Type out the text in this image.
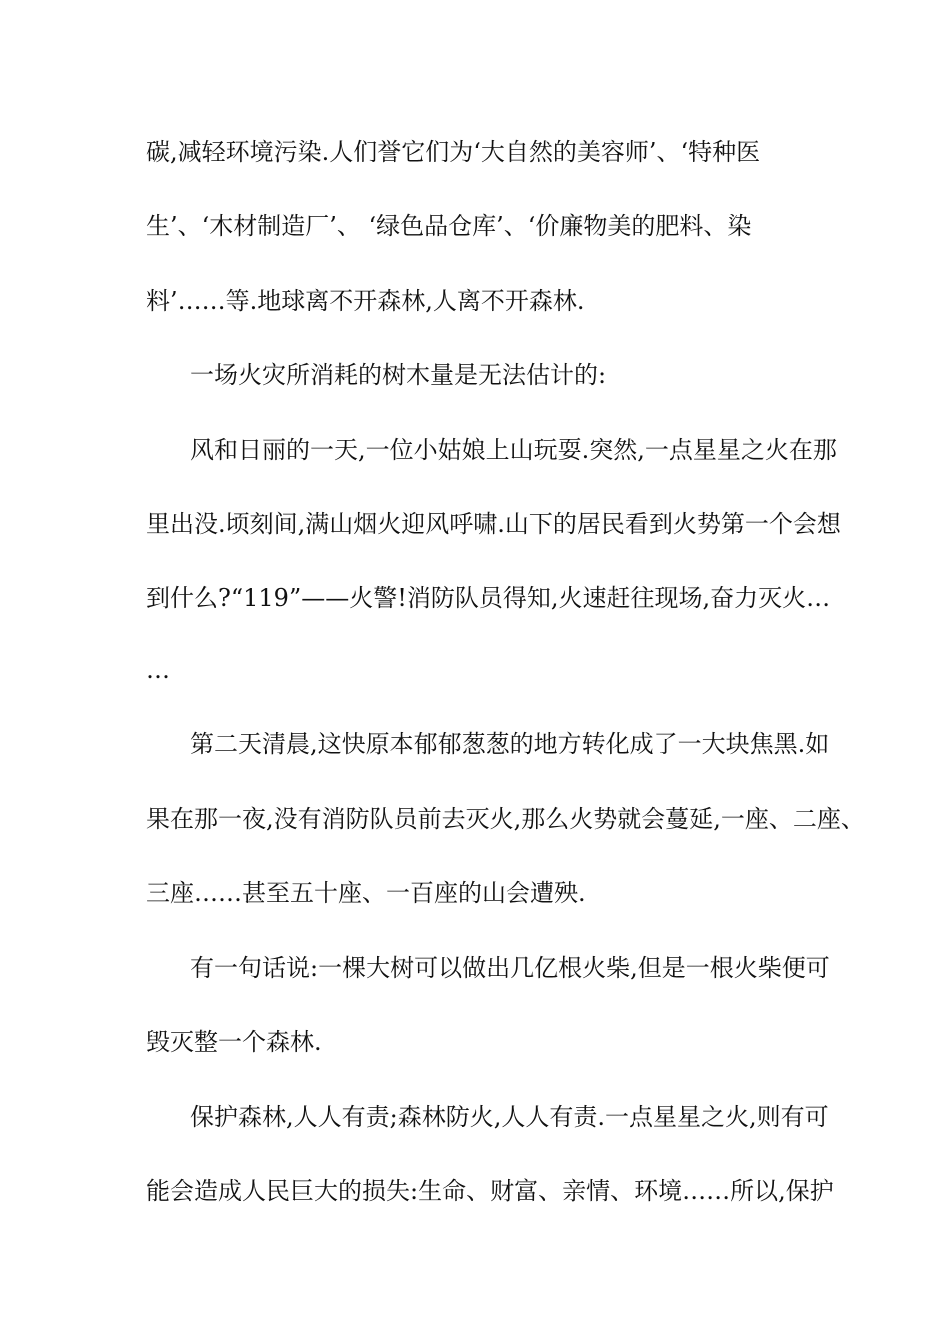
碳,减轻环境污染.人们誉它们为‘大自然的美容师’、‘特种医
生’、‘木材制造厂’、 ‘绿色品仓库’、‘价廉物美的肥料、染
料’……等.地球离不开森林,人离不开森林.
一场火灾所消耗的树木量是无法估计的:
风和日丽的一天,一位小姑娘上山玩耍.突然,一点星星之火在那
里出没.顷刻间,满山烟火迎风呼啸.山下的居民看到火势第一个会想
到什么?“119”——火警!消防队员得知,火速赶往现场,奋力灭火…
…
第二天清晨,这快原本郁郁葱葱的地方转化成了一大块焦黑.如
果在那一夜,没有消防队员前去灭火,那么火势就会蔓延,一座、二座、
三座……甚至五十座、一百座的山会遭殃.
有一句话说:一棵大树可以做出几亿根火柴,但是一根火柴便可
毁灭整一个森林.
保护森林,人人有责;森林防火,人人有责.一点星星之火,则有可
能会造成人民巨大的损失:生命、财富、亲情、环境……所以,保护
